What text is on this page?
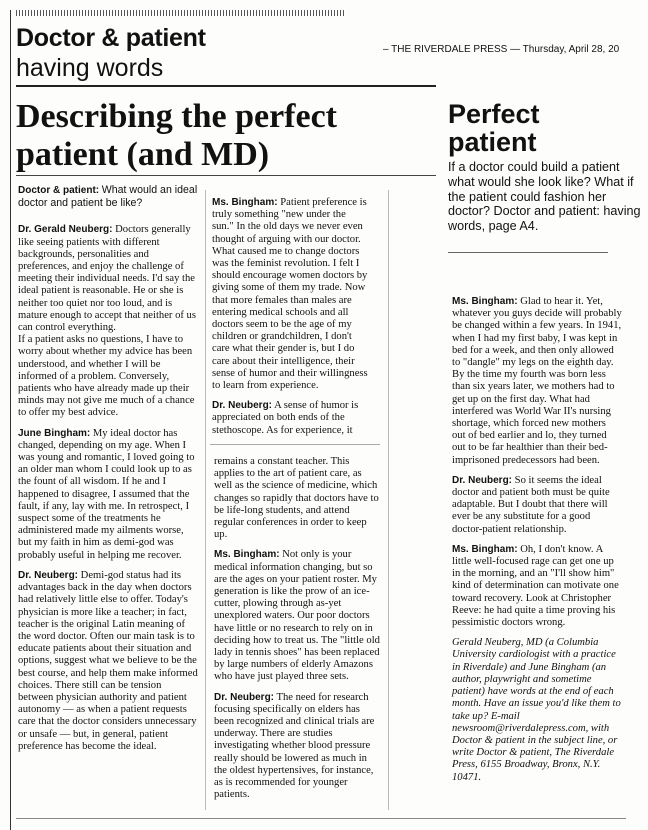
Doctor & patient
having words
– THE RIVERDALE PRESS — Thursday, April 28, 20
Describing the perfect patient (and MD)

Doctor & patient: What would an ideal doctor and patient be like?

Dr. Gerald Neuberg: Doctors generally like seeing patients with different backgrounds, personalities and preferences, and enjoy the challenge of meeting their individual needs. I'd say the ideal patient is reasonable. He or she is neither too quiet nor too loud, and is mature enough to accept that neither of us can control everything.

If a patient asks no questions, I have to worry about whether my advice has been understood, and whether I will be informed of a problem. Conversely, patients who have already made up their minds may not give me much of a chance to offer my best advice.

June Bingham: My ideal doctor has changed, depending on my age. When I was young and romantic, I loved going to an older man whom I could look up to as the fount of all wisdom. If he and I happened to disagree, I assumed that the fault, if any, lay with me. In retrospect, I suspect some of the treatments he administered made my ailments worse, but my faith in him as demi-god was probably useful in helping me recover.

Dr. Neuberg: Demi-god status had its advantages back in the day when doctors had relatively little else to offer. Today's physician is more like a teacher; in fact, teacher is the original Latin meaning of the word doctor. Often our main task is to educate patients about their situation and options, suggest what we believe to be the best course, and help them make informed choices. There still can be tension between physician authority and patient autonomy — as when a patient requests care that the doctor considers unnecessary or unsafe — but, in general, patient preference has become the ideal.

Ms. Bingham: Patient preference is truly something "new under the sun." In the old days we never even thought of arguing with our doctor. What caused me to change doctors was the feminist revolution. I felt I should encourage women doctors by giving some of them my trade. Now that more females than males are entering medical schools and all doctors seem to be the age of my children or grandchildren, I don't care what their gender is, but I do care about their intelligence, their sense of humor and their willingness to learn from experience.

Dr. Neuberg: A sense of humor is appreciated on both ends of the stethoscope. As for experience, it

remains a constant teacher. This applies to the art of patient care, as well as the science of medicine, which changes so rapidly that doctors have to be life-long students, and attend regular conferences in order to keep up.

Ms. Bingham: Not only is your medical information changing, but so are the ages on your patient roster. My generation is like the prow of an ice-cutter, plowing through as-yet unexplored waters. Our poor doctors have little or no research to rely on in deciding how to treat us. The "little old lady in tennis shoes" has been replaced by large numbers of elderly Amazons who have just played three sets.

Dr. Neuberg: The need for research focusing specifically on elders has been recognized and clinical trials are underway. There are studies investigating whether blood pressure really should be lowered as much in the oldest hypertensives, for instance, as is recommended for younger patients.

Perfect
patient
If a doctor could build a patient what would she look like? What if the patient could fashion her doctor? Doctor and patient: having words, page A4.

Ms. Bingham: Glad to hear it. Yet, whatever you guys decide will probably be changed within a few years. In 1941, when I had my first baby, I was kept in bed for a week, and then only allowed to "dangle" my legs on the eighth day. By the time my fourth was born less than six years later, we mothers had to get up on the first day. What had interfered was World War II's nursing shortage, which forced new mothers out of bed earlier and lo, they turned out to be far healthier than their bed-imprisoned predecessors had been.

Dr. Neuberg: So it seems the ideal doctor and patient both must be quite adaptable. But I doubt that there will ever be any substitute for a good doctor-patient relationship.

Ms. Bingham: Oh, I don't know. A little well-focused rage can get one up in the morning, and an "I'll show him" kind of determination can motivate one toward recovery. Look at Christopher Reeve: he had quite a time proving his pessimistic doctors wrong.

Gerald Neuberg, MD (a Columbia University cardiologist with a practice in Riverdale) and June Bingham (an author, playwright and sometime patient) have words at the end of each month. Have an issue you'd like them to take up? E-mail newsroom@riverdalepress.com, with Doctor & patient in the subject line, or write Doctor & patient, The Riverdale Press, 6155 Broadway, Bronx, N.Y. 10471.
